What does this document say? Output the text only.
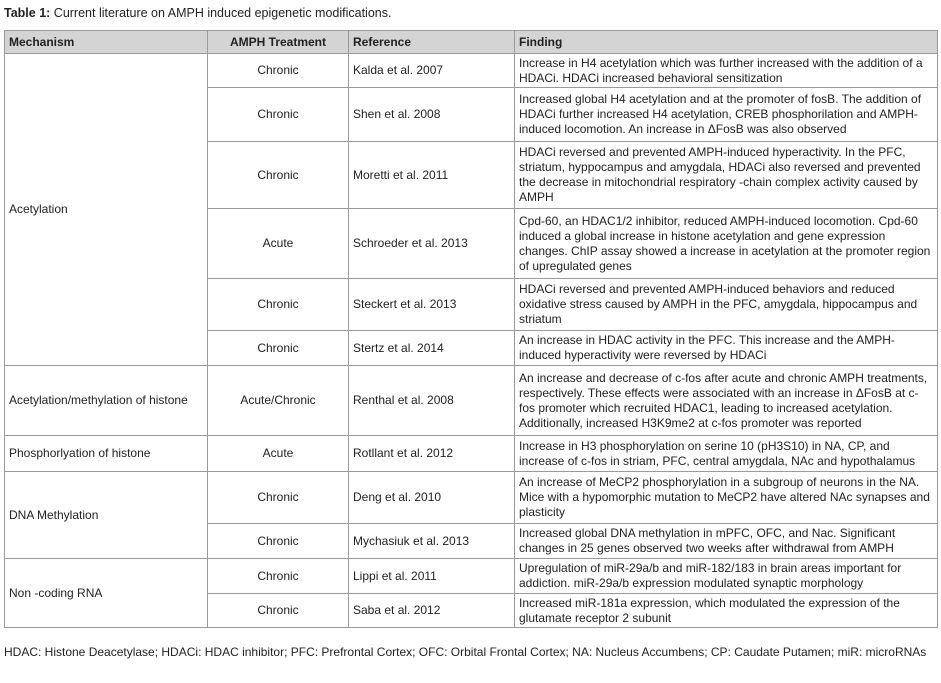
Table 1: Current literature on AMPH induced epigenetic modifications.
Mechanism	AMPH Treatment	Reference	Finding
Acetylation	Chronic	Kalda et al. 2007	Increase in H4 acetylation which was further increased with the addition of a HDACi. HDACi increased behavioral sensitization
	Chronic	Shen et al. 2008	Increased global H4 acetylation and at the promoter of fosB. The addition of HDACi further increased H4 acetylation, CREB phosphorilation and AMPH-induced locomotion. An increase in ΔFosB was also observed
	Chronic	Moretti et al. 2011	HDACi reversed and prevented AMPH-induced hyperactivity. In the PFC, striatum, hyppocampus and amygdala, HDACi also reversed and prevented the decrease in mitochondrial respiratory -chain complex activity caused by AMPH
	Acute	Schroeder et al. 2013	Cpd-60, an HDAC1/2 inhibitor, reduced AMPH-induced locomotion. Cpd-60 induced a global increase in histone acetylation and gene expression changes. ChIP assay showed a increase in acetylation at the promoter region of upregulated genes
	Chronic	Steckert et al. 2013	HDACi reversed and prevented AMPH-induced behaviors and reduced oxidative stress caused by AMPH in the PFC, amygdala, hippocampus and striatum
	Chronic	Stertz et al. 2014	An increase in HDAC activity in the PFC. This increase and the AMPH-induced hyperactivity were reversed by HDACi
Acetylation/methylation of histone	Acute/Chronic	Renthal et al. 2008	An increase and decrease of c-fos after acute and chronic AMPH treatments, respectively. These effects were associated with an increase in ΔFosB at c-fos promoter which recruited HDAC1, leading to increased acetylation. Additionally, increased H3K9me2 at c-fos promoter was reported
Phosphorlyation of histone	Acute	Rotllant et al. 2012	Increase in H3 phosphorylation on serine 10 (pH3S10) in NA, CP, and increase of c-fos in striam, PFC, central amygdala, NAc and hypothalamus
DNA Methylation	Chronic	Deng et al. 2010	An increase of MeCP2 phosphorylation in a subgroup of neurons in the NA. Mice with a hypomorphic mutation to MeCP2 have altered NAc synapses and plasticity
	Chronic	Mychasiuk et al. 2013	Increased global DNA methylation in mPFC, OFC, and Nac. Significant changes in 25 genes observed two weeks after withdrawal from AMPH
Non -coding RNA	Chronic	Lippi et al. 2011	Upregulation of miR-29a/b and miR-182/183 in brain areas important for addiction. miR-29a/b expression modulated synaptic morphology
	Chronic	Saba et al. 2012	Increased miR-181a expression, which modulated the expression of the glutamate receptor 2 subunit
HDAC: Histone Deacetylase; HDACi: HDAC inhibitor; PFC: Prefrontal Cortex; OFC: Orbital Frontal Cortex; NA: Nucleus Accumbens; CP: Caudate Putamen; miR: microRNAs
